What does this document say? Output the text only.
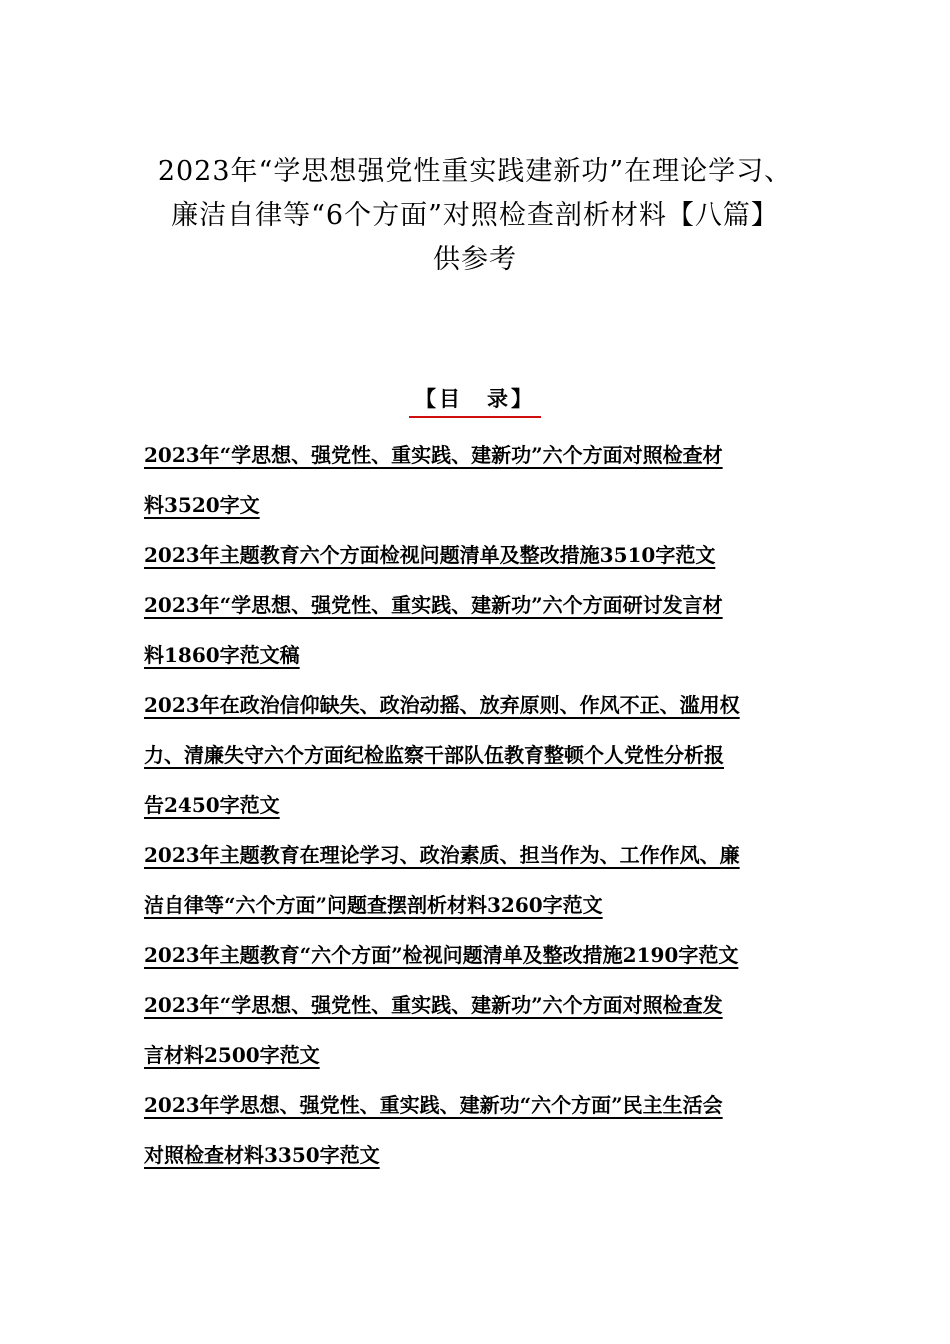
2023年“学思想强党性重实践建新功”在理论学习、
廉洁自律等“6个方面”对照检查剖析材料【八篇】
供参考
【目　录】
2023年“学思想、强党性、重实践、建新功”六个方面对照检查材
料3520字文
2023年主题教育六个方面检视问题清单及整改措施3510字范文
2023年“学思想、强党性、重实践、建新功”六个方面研讨发言材
料1860字范文稿
2023年在政治信仰缺失、政治动摇、放弃原则、作风不正、滥用权
力、清廉失守六个方面纪检监察干部队伍教育整顿个人党性分析报
告2450字范文
2023年主题教育在理论学习、政治素质、担当作为、工作作风、廉
洁自律等“六个方面”问题查摆剖析材料3260字范文
2023年主题教育“六个方面”检视问题清单及整改措施2190字范文
2023年“学思想、强党性、重实践、建新功”六个方面对照检查发
言材料2500字范文
2023年学思想、强党性、重实践、建新功“六个方面”民主生活会
对照检查材料3350字范文
